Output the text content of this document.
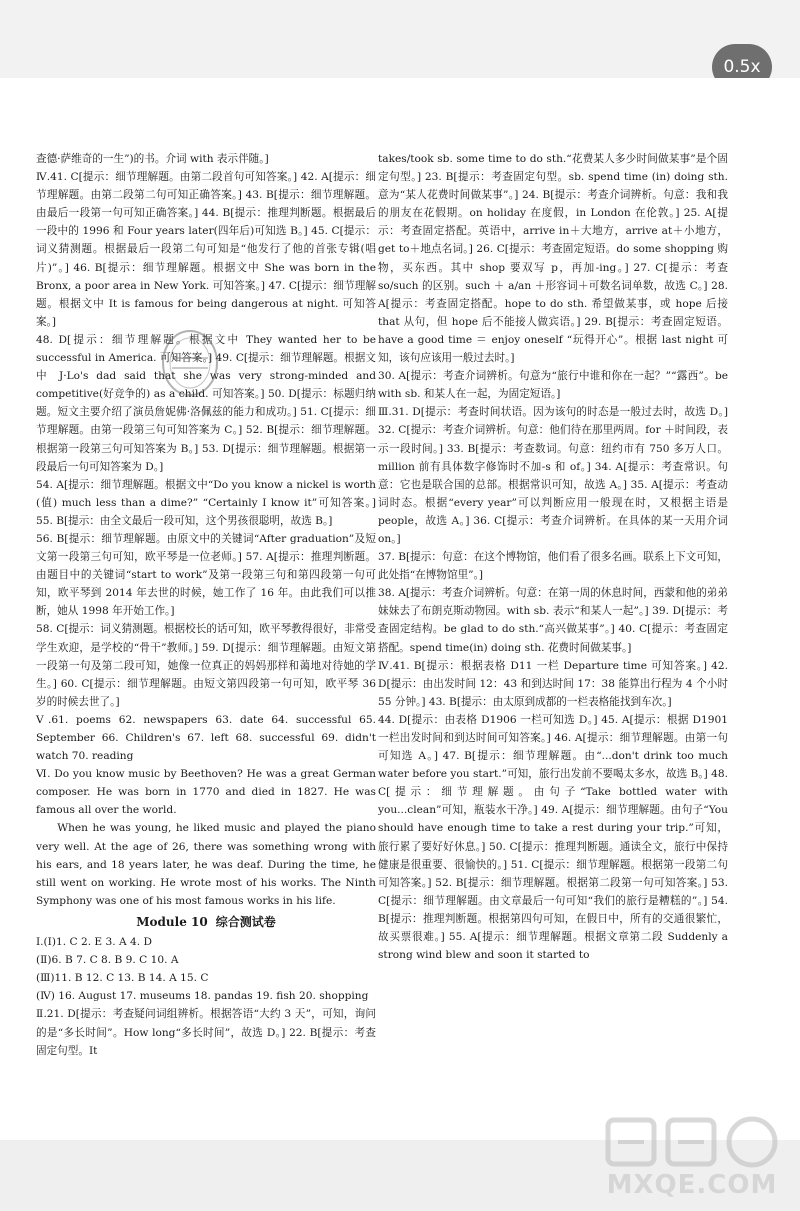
0.5x

查德·萨维奇的一生”)的书。介词 with 表示伴随。]

Ⅳ.41. C[提示：细节理解题。由第二段首句可知答案。] 42. A[提示：细节理解题。由第二段第二句可知正确答案。] 43. B[提示：细节理解题。由最后一段第一句可知正确答案。] 44. B[提示：推理判断题。根据最后一段中的 1996 和 Four years later(四年后)可知选 B。] 45. C[提示：词义猜测题。根据最后一段第二句可知是“他发行了他的首张专辑(唱片)”。] 46. B[提示：细节理解题。根据文中 She was born in the Bronx, a poor area in New York. 可知答案。] 47. C[提示：细节理解题。根据文中 It is famous for being dangerous at night. 可知答案。]

48. D[提示：细节理解题。根据文中 They wanted her to be successful in America. 可知答案。] 49. C[提示：细节理解题。根据文中 J·Lo's dad said that she was very strong-minded and competitive(好竞争的) as a child. 可知答案。] 50. D[提示：标题归纳题。短文主要介绍了演员詹妮佛·洛佩兹的能力和成功。] 51. C[提示：细节理解题。由第一段第三句可知答案为 C。] 52. B[提示：细节理解题。根据第一段第三句可知答案为 B。] 53. D[提示：细节理解题。根据第一段最后一句可知答案为 D。]

54. A[提示：细节理解题。根据文中“Do you know a nickel is worth (值) much less than a dime?” “Certainly I know it”可知答案。] 55. B[提示：由全文最后一段可知，这个男孩很聪明，故选 B。]

56. B[提示：细节理解题。由原文中的关键词“After graduation”及短文第一段第三句可知，欧平琴是一位老师。] 57. A[提示：推理判断题。由题目中的关键词“start to work”及第一段第三句和第四段第一句可知，欧平琴到 2014 年去世的时候，她工作了 16 年。由此我们可以推断，她从 1998 年开始工作。]

58. C[提示：词义猜测题。根据校长的话可知，欧平琴教得很好，非常受学生欢迎，是学校的“骨干”教师。] 59. D[提示：细节理解题。由短文第一段第一句及第二段可知，她像一位真正的妈妈那样和蔼地对待她的学生。] 60. C[提示：细节理解题。由短文第四段第一句可知，欧平琴 36 岁的时候去世了。]

Ⅴ.61. poems 62. newspapers 63. date 64. successful 65. September 66. Children's 67. left 68. successful 69. didn't watch 70. reading

Ⅵ. Do you know music by Beethoven? He was a great German composer. He was born in 1770 and died in 1827. He was famous all over the world.

When he was young, he liked music and played the piano very well. At the age of 26, there was something wrong with his ears, and 18 years later, he was deaf. During the time, he still went on working. He wrote most of his works. The Ninth Symphony was one of his most famous works in his life.

Module 10 综合测试卷

Ⅰ.(Ⅰ)1. C 2. E 3. A 4. D

(Ⅱ)6. B 7. C 8. B 9. C 10. A

(Ⅲ)11. B 12. C 13. B 14. A 15. C

(Ⅳ) 16. August 17. museums 18. pandas 19. fish 20. shopping

Ⅱ.21. D[提示：考查疑问词组辨析。根据答语“大约 3 天”，可知，询问的是“多长时间”。How long“多长时间”，故选 D。] 22. B[提示：考查固定句型。It

takes/took sb. some time to do sth.“花费某人多少时间做某事”是个固定句型。] 23. B[提示：考查固定句型。sb. spend time (in) doing sth. 意为“某人花费时间做某事”。] 24. B[提示：考查介词辨析。句意：我和我的朋友在花假期。on holiday 在度假，in London 在伦敦。] 25. A[提示：考查固定搭配。英语中，arrive in＋大地方，arrive at＋小地方，get to＋地点名词。] 26. C[提示：考查固定短语。do some shopping 购物，买东西。其中 shop 要双写 p，再加-ing。] 27. C[提示：考查 so/such 的区别。such ＋ a/an ＋形容词＋可数名词单数，故选 C。] 28. A[提示：考查固定搭配。hope to do sth. 希望做某事，或 hope 后接 that 从句，但 hope 后不能接人做宾语。] 29. B[提示：考查固定短语。have a good time ＝ enjoy oneself “玩得开心”。根据 last night 可知，该句应该用一般过去时。]

30. A[提示：考查介词辨析。句意为“旅行中谁和你在一起？”“露西”。be with sb. 和某人在一起，为固定短语。]

Ⅲ.31. D[提示：考查时间状语。因为该句的时态是一般过去时，故选 D。] 32. C[提示：考查介词辨析。句意：他们待在那里两周。for ＋时间段，表示一段时间。] 33. B[提示：考查数词。句意：纽约市有 750 多万人口。million 前有具体数字修饰时不加-s 和 of。] 34. A[提示：考查常识。句意：它也是联合国的总部。根据常识可知，故选 A。] 35. A[提示：考查动词时态。根据“every year”可以判断应用一般现在时，又根据主语是 people，故选 A。] 36. C[提示：考查介词辨析。在具体的某一天用介词 on。]

37. B[提示：句意：在这个博物馆，他们看了很多名画。联系上下文可知，此处指“在博物馆里”。]

38. A[提示：考查介词辨析。句意：在第一周的休息时间，西蒙和他的弟弟妹妹去了布朗克斯动物园。with sb. 表示“和某人一起”。] 39. D[提示：考查固定结构。be glad to do sth.“高兴做某事”。] 40. C[提示：考查固定搭配。spend time(in) doing sth. 花费时间做某事。]

Ⅳ.41. B[提示：根据表格 D11 一栏 Departure time 可知答案。] 42. D[提示：由出发时间 12：43 和到达时间 17：38 能算出行程为 4 个小时 55 分钟。] 43. B[提示：由太原到成都的一栏表格能找到车次。]

44. D[提示：由表格 D1906 一栏可知选 D。] 45. A[提示：根据 D1901 一栏出发时间和到达时间可知答案。] 46. A[提示：细节理解题。由第一句可知选 A。] 47. B[提示：细节理解题。由“...don't drink too much water before you start.”可知，旅行出发前不要喝太多水，故选 B。] 48. C[提示：细节理解题。由句子“Take bottled water with you...clean”可知，瓶装水干净。] 49. A[提示：细节理解题。由句子“You should have enough time to take a rest during your trip.”可知，旅行累了要好好休息。] 50. C[提示：推理判断题。通读全文，旅行中保持健康是很重要、很愉快的。] 51. C[提示：细节理解题。根据第一段第二句可知答案。] 52. B[提示：细节理解题。根据第二段第一句可知答案。] 53. C[提示：细节理解题。由文章最后一句可知“我们的旅行是糟糕的”。] 54. B[提示：推理判断题。根据第四句可知，在假日中，所有的交通很繁忙，故买票很难。] 55. A[提示：细节理解题。根据文章第二段 Suddenly a strong wind blew and soon it started to

MXQE.COM
